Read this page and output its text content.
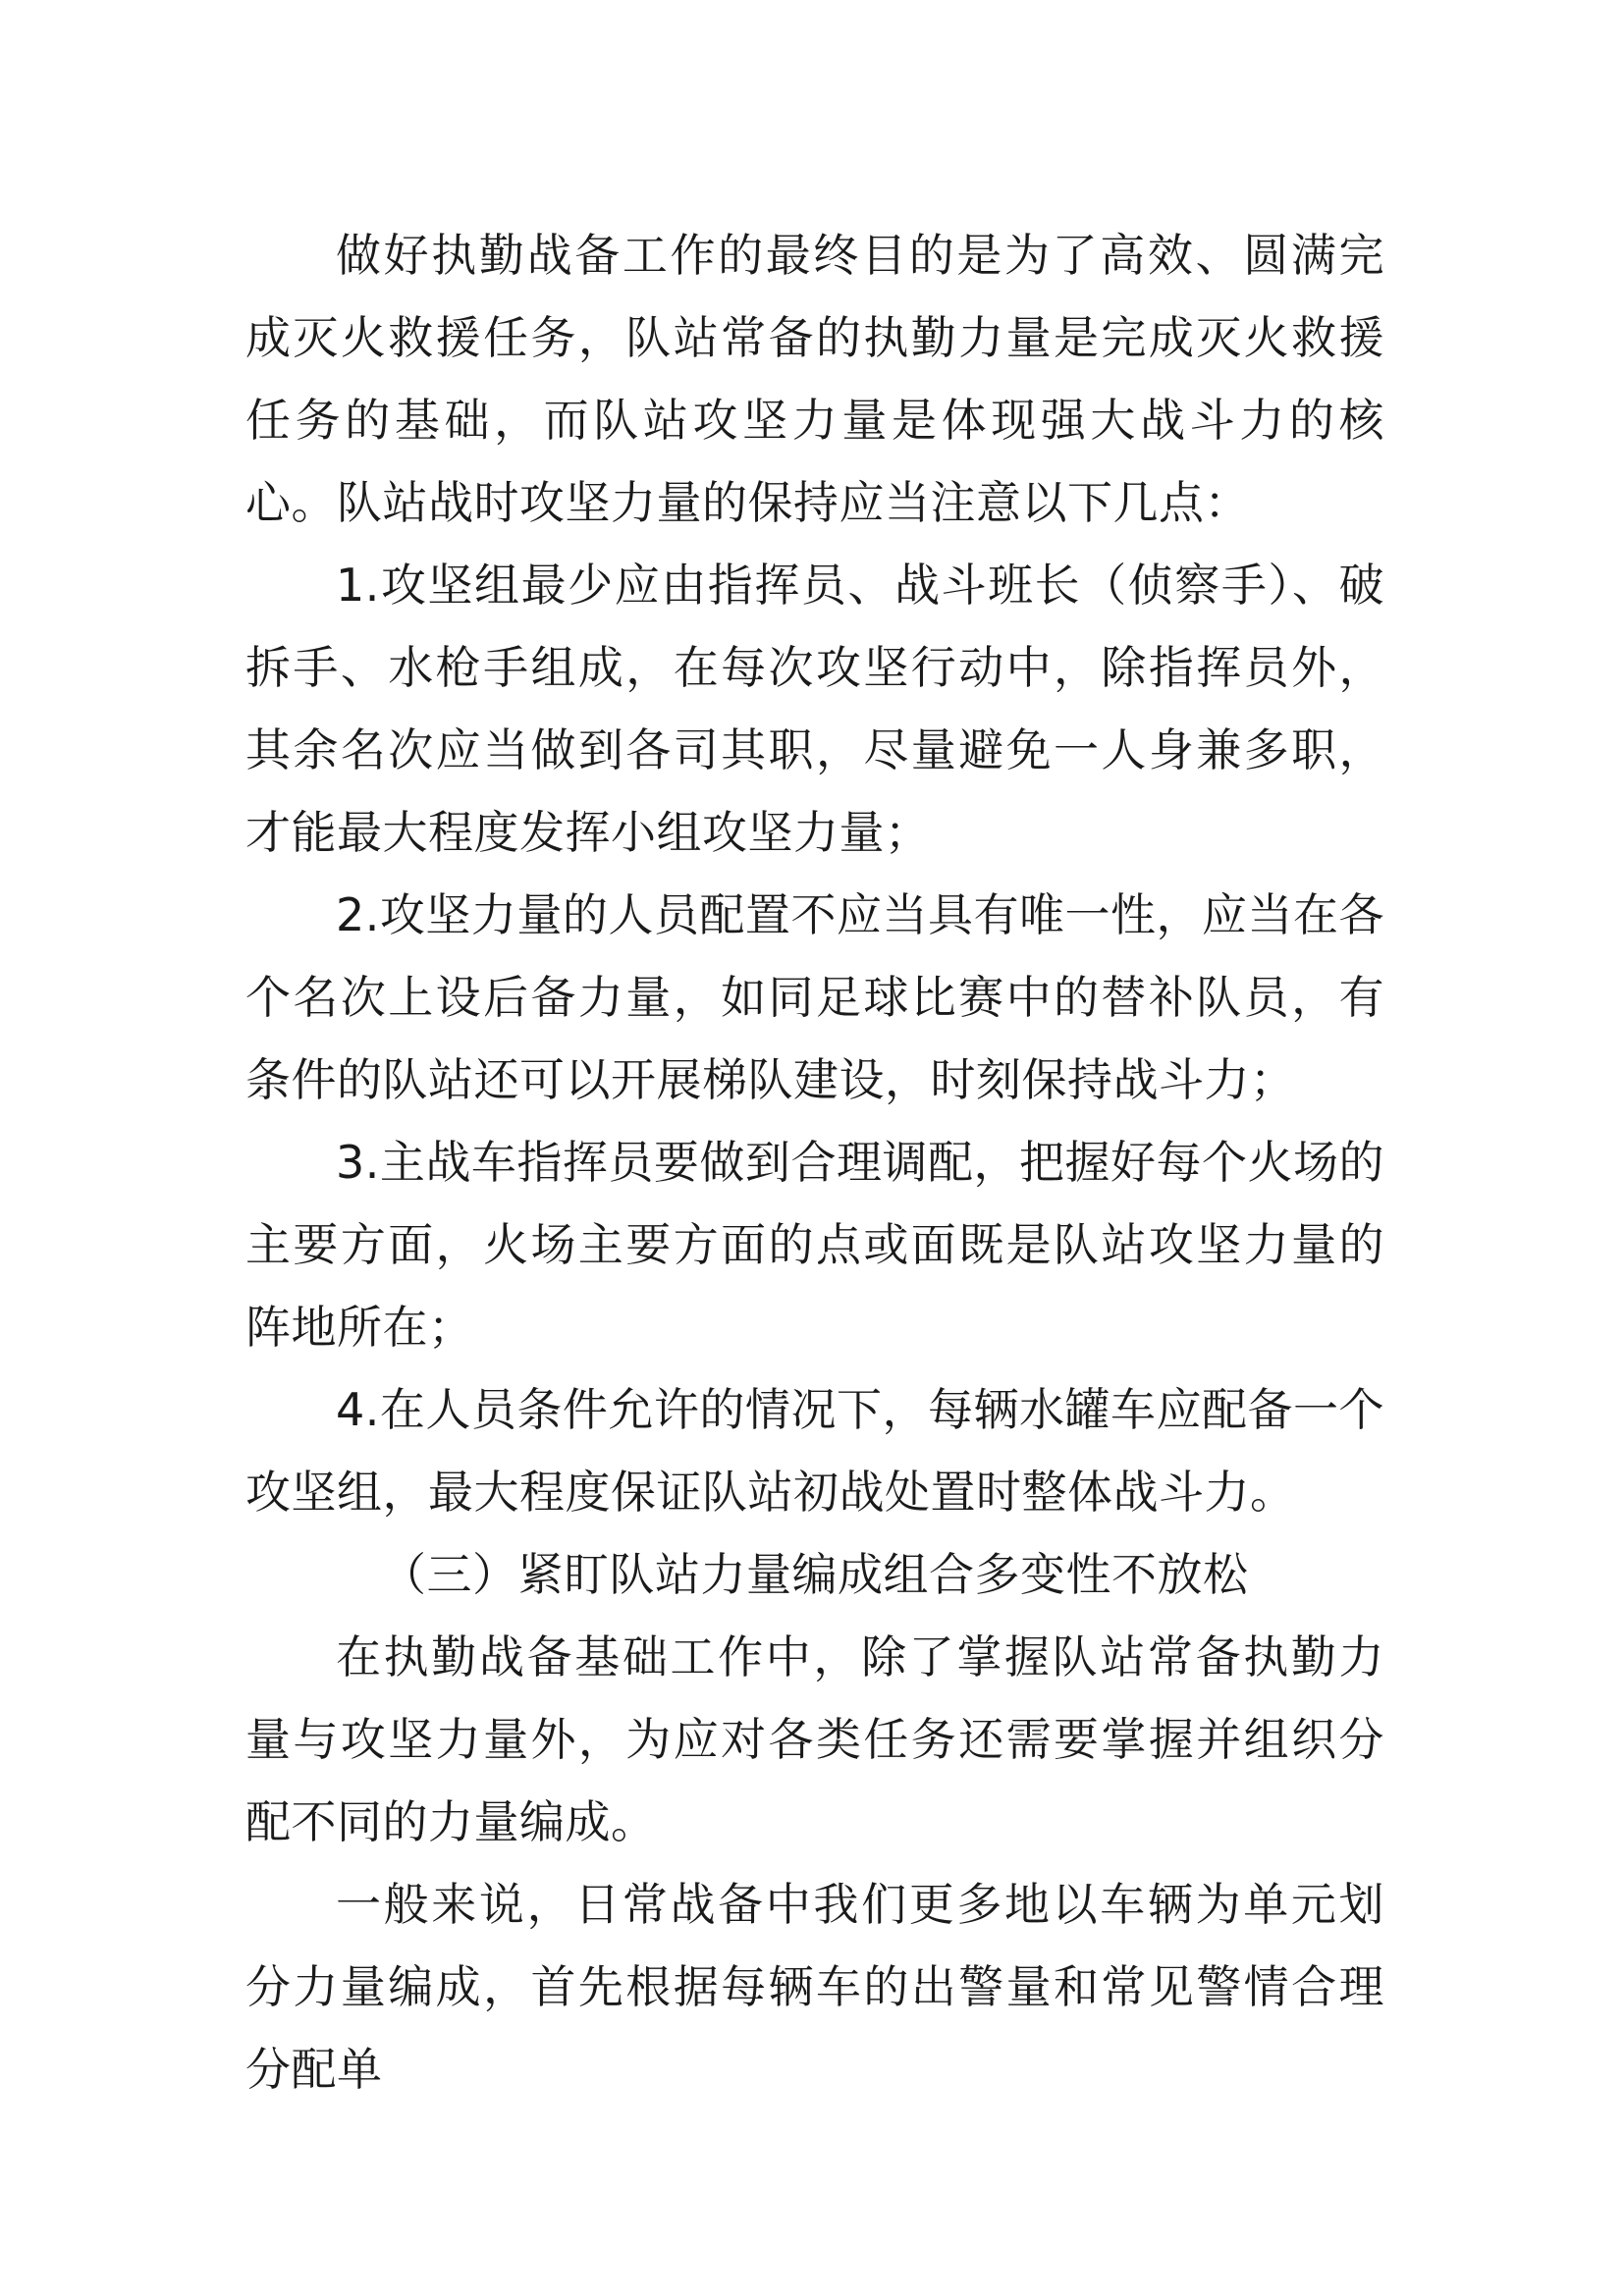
做好执勤战备工作的最终目的是为了高效、圆满完成灭火救援任务，队站常备的执勤力量是完成灭火救援任务的基础，而队站攻坚力量是体现强大战斗力的核心。队站战时攻坚力量的保持应当注意以下几点：

1.攻坚组最少应由指挥员、战斗班长（侦察手）、破拆手、水枪手组成，在每次攻坚行动中，除指挥员外，其余名次应当做到各司其职，尽量避免一人身兼多职，才能最大程度发挥小组攻坚力量；

2.攻坚力量的人员配置不应当具有唯一性，应当在各个名次上设后备力量，如同足球比赛中的替补队员，有条件的队站还可以开展梯队建设，时刻保持战斗力；

3.主战车指挥员要做到合理调配，把握好每个火场的主要方面，火场主要方面的点或面既是队站攻坚力量的阵地所在；

4.在人员条件允许的情况下，每辆水罐车应配备一个攻坚组，最大程度保证队站初战处置时整体战斗力。

（三）紧盯队站力量编成组合多变性不放松

在执勤战备基础工作中，除了掌握队站常备执勤力量与攻坚力量外，为应对各类任务还需要掌握并组织分配不同的力量编成。

一般来说，日常战备中我们更多地以车辆为单元划分力量编成，首先根据每辆车的出警量和常见警情合理分配单
